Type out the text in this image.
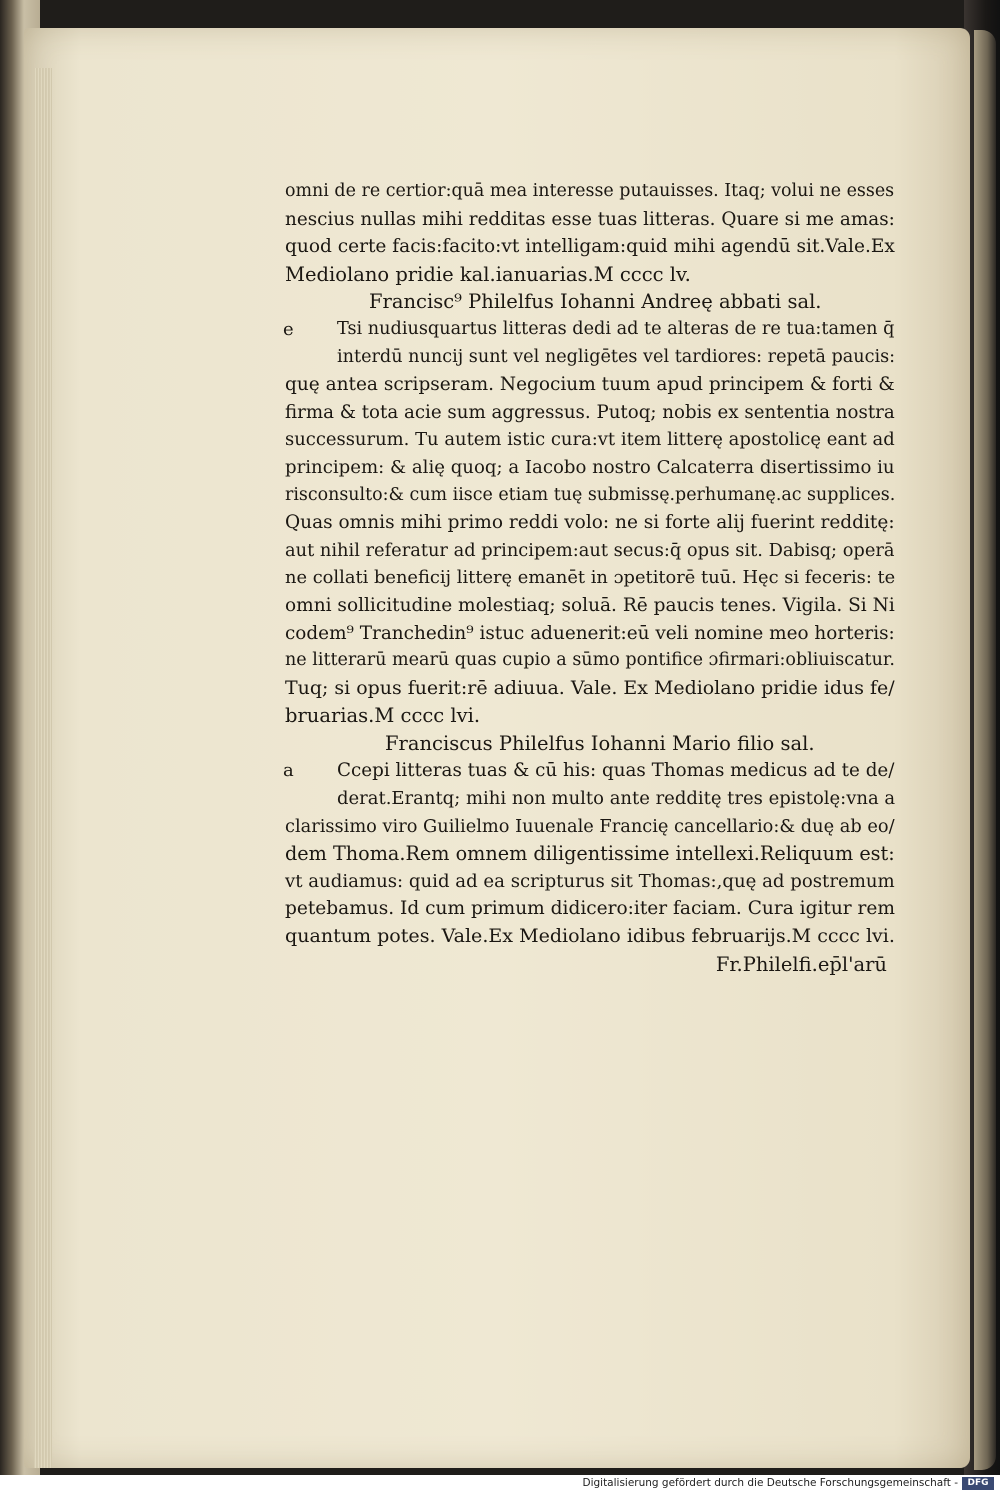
omni de re certior:quā mea interesse putauisses. Itaq; volui ne esses
nescius nullas mihi redditas esse tuas litteras. Quare si me amas:
quod certe facis:facito:vt intelligam:quid mihi agendū sit.Vale.Ex
Mediolano pridie kal.ianuarias.M cccc lv.
Francisc⁹ Philelfus Iohanni Andreę abbati sal.
e	Tsi nudiusquartus litteras dedi ad te alteras de re tua:tamen q̄
interdū nuncij sunt vel negligētes vel tardiores: repetā paucis:
quę antea scripseram. Negocium tuum apud principem & forti &
firma & tota acie sum aggressus. Putoq; nobis ex sententia nostra
successurum. Tu autem istic cura:vt item litterę apostolicę eant ad
principem: & alię quoq; a Iacobo nostro Calcaterra disertissimo iu
risconsulto:& cum iisce etiam tuę submissę.perhumanę.ac supplices.
Quas omnis mihi primo reddi volo: ne si forte alij fuerint redditę:
aut nihil referatur ad principem:aut secus:q̄ opus sit. Dabisq; operā
ne collati beneficij litterę emanēt in ɔpetitorē tuū. Hęc si feceris: te
omni sollicitudine molestiaq; soluā. Rē paucis tenes. Vigila. Si Ni
codem⁹ Tranchedin⁹ istuc aduenerit:eū veli nomine meo horteris:
ne litterarū mearū quas cupio a sūmo pontifice ɔfirmari:obliuiscatur.
Tuq; si opus fuerit:rē adiuua. Vale. Ex Mediolano pridie idus fe/
bruarias.M cccc lvi.
Franciscus Philelfus Iohanni Mario filio sal.
a	Ccepi litteras tuas & cū his: quas Thomas medicus ad te de/
derat.Erantq; mihi non multo ante redditę tres epistolę:vna a
clarissimo viro Guilielmo Iuuenale Francię cancellario:& duę ab eo/
dem Thoma.Rem omnem diligentissime intellexi.Reliquum est:
vt audiamus: quid ad ea scripturus sit Thomas:,quę ad postremum
petebamus. Id cum primum didicero:iter faciam. Cura igitur rem
quantum potes. Vale.Ex Mediolano idibus februarijs.M cccc lvi.
Fr.Philelfi.ep̄l'arū
Digitalisierung gefördert durch die Deutsche Forschungsgemeinschaft -	DFG
